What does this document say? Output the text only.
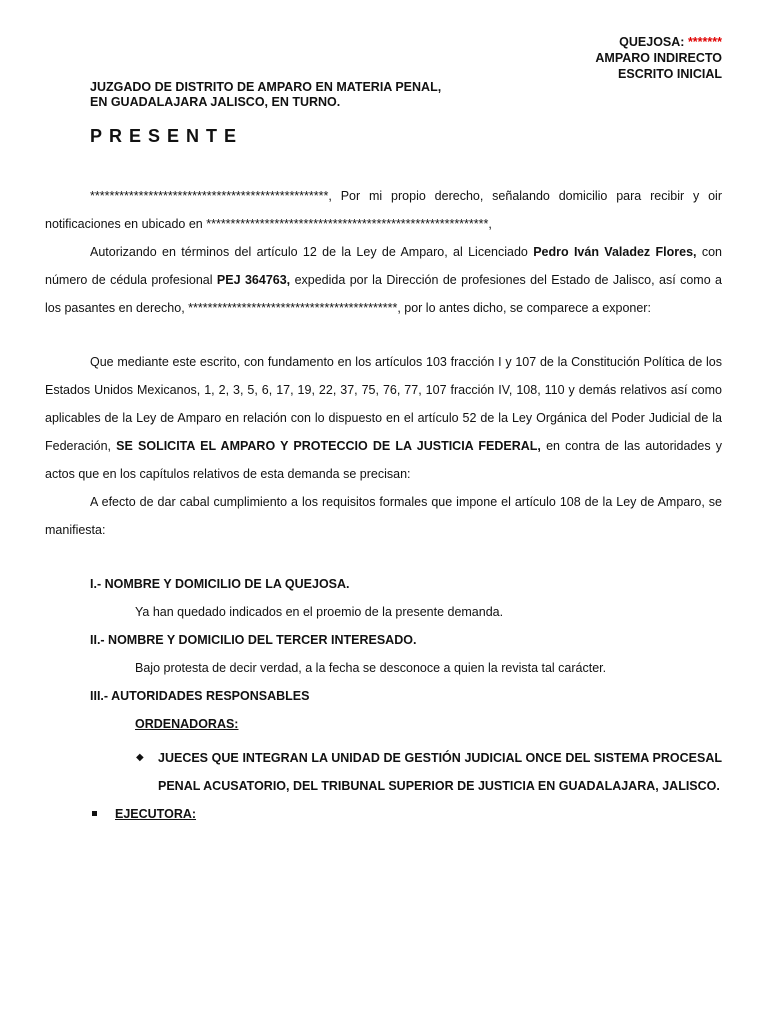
QUEJOSA: *******
AMPARO INDIRECTO
ESCRITO INICIAL
JUZGADO DE DISTRITO DE AMPARO EN MATERIA PENAL,
EN GUADALAJARA JALISCO, EN TURNO.
PRESENTE

*************************************************, Por mi propio derecho, señalando domicilio para recibir y oir notificaciones en ubicado en **********************************************************,

Autorizando en términos del artículo 12 de la Ley de Amparo, al Licenciado Pedro Iván Valadez Flores, con número de cédula profesional PEJ 364763, expedida por la Dirección de profesiones del Estado de Jalisco, así como a los pasantes en derecho, *******************************************, por lo antes dicho, se comparece a exponer:

Que mediante este escrito, con fundamento en los artículos 103 fracción I y 107 de la Constitución Política de los Estados Unidos Mexicanos, 1, 2, 3, 5, 6, 17, 19, 22, 37, 75, 76, 77, 107 fracción IV, 108, 110 y demás relativos así como aplicables de la Ley de Amparo en relación con lo dispuesto en el artículo 52 de la Ley Orgánica del Poder Judicial de la Federación, SE SOLICITA EL AMPARO Y PROTECCIO DE LA JUSTICIA FEDERAL, en contra de las autoridades y actos que en los capítulos relativos de esta demanda se precisan:

A efecto de dar cabal cumplimiento a los requisitos formales que impone el artículo 108 de la Ley de Amparo, se manifiesta:

I.- NOMBRE Y DOMICILIO DE LA QUEJOSA.
Ya han quedado indicados en el proemio de la presente demanda.
II.- NOMBRE Y DOMICILIO DEL TERCER INTERESADO.
Bajo protesta de decir verdad, a la fecha se desconoce a quien la revista tal carácter.
III.- AUTORIDADES RESPONSABLES
ORDENADORAS:
◆ JUECES QUE INTEGRAN LA UNIDAD DE GESTIÓN JUDICIAL ONCE DEL SISTEMA PROCESAL PENAL ACUSATORIO, DEL TRIBUNAL SUPERIOR DE JUSTICIA EN GUADALAJARA, JALISCO.
EJECUTORA:
